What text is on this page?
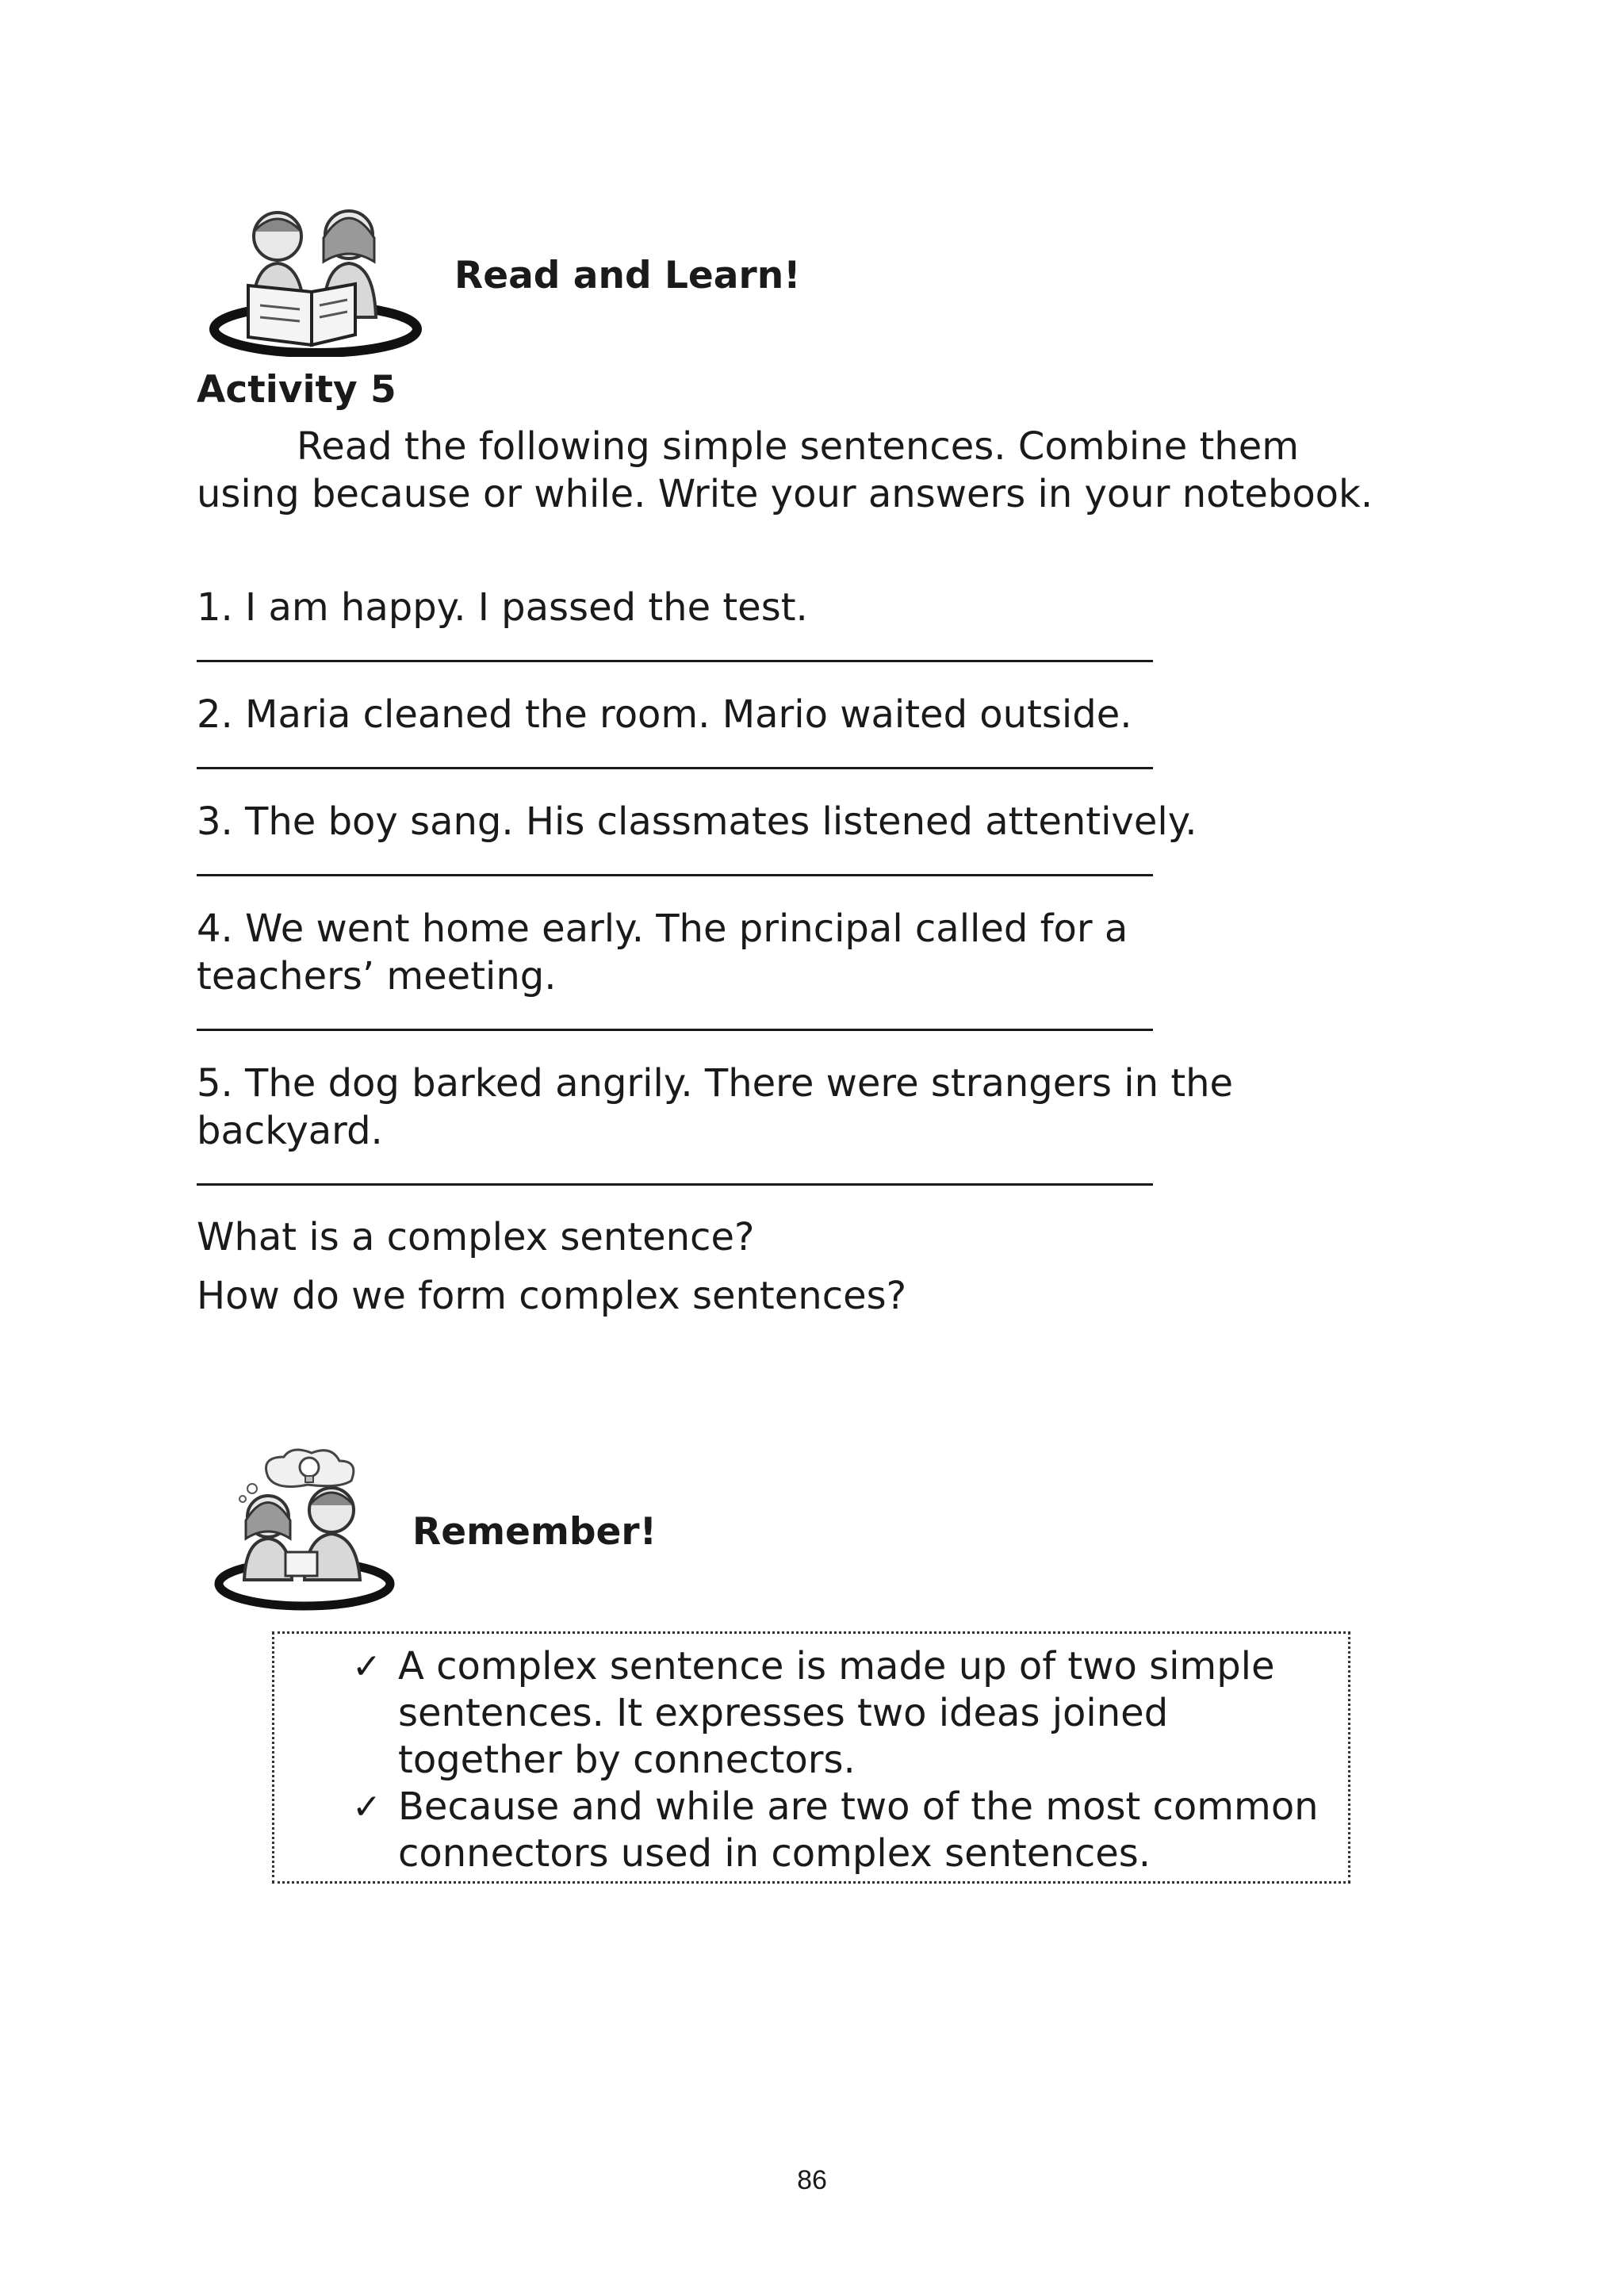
Read and Learn!
Activity 5
Read the following simple sentences. Combine them using because or while. Write your answers in your notebook.
1. I am happy. I passed the test.
2. Maria cleaned the room. Mario waited outside.
3. The boy sang. His classmates listened attentively.
4. We went home early. The principal called for a teachers’ meeting.
5. The dog barked angrily. There were strangers in the backyard.
What is a complex sentence?
How do we form complex sentences?
Remember!
✓ A complex sentence is made up of two simple sentences. It expresses two ideas joined together by connectors.
✓ Because and while are two of the most common connectors used in complex sentences.
86
